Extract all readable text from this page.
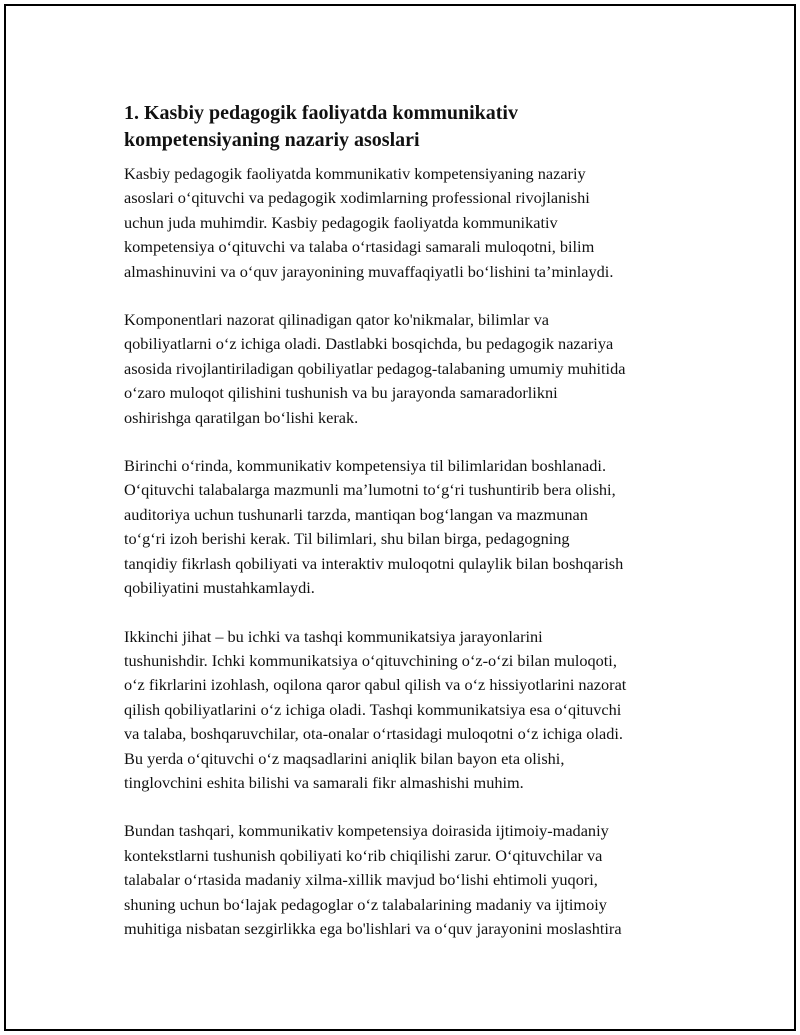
1. Kasbiy pedagogik faoliyatda kommunikativ
kompetensiyaning nazariy asoslari

Kasbiy pedagogik faoliyatda kommunikativ kompetensiyaning nazariy
asoslari o‘qituvchi va pedagogik xodimlarning professional rivojlanishi
uchun juda muhimdir. Kasbiy pedagogik faoliyatda kommunikativ
kompetensiya o‘qituvchi va talaba o‘rtasidagi samarali muloqotni, bilim
almashinuvini va o‘quv jarayonining muvaffaqiyatli bo‘lishini ta’minlaydi.

Komponentlari nazorat qilinadigan qator ko'nikmalar, bilimlar va
qobiliyatlarni o‘z ichiga oladi. Dastlabki bosqichda, bu pedagogik nazariya
asosida rivojlantiriladigan qobiliyatlar pedagog-talabaning umumiy muhitida
o‘zaro muloqot qilishini tushunish va bu jarayonda samaradorlikni
oshirishga qaratilgan bo‘lishi kerak.

Birinchi o‘rinda, kommunikativ kompetensiya til bilimlaridan boshlanadi.
O‘qituvchi talabalarga mazmunli ma’lumotni to‘g‘ri tushuntirib bera olishi,
auditoriya uchun tushunarli tarzda, mantiqan bog‘langan va mazmunan
to‘g‘ri izoh berishi kerak. Til bilimlari, shu bilan birga, pedagogning
tanqidiy fikrlash qobiliyati va interaktiv muloqotni qulaylik bilan boshqarish
qobiliyatini mustahkamlaydi.

Ikkinchi jihat – bu ichki va tashqi kommunikatsiya jarayonlarini
tushunishdir. Ichki kommunikatsiya o‘qituvchining o‘z-o‘zi bilan muloqoti,
o‘z fikrlarini izohlash, oqilona qaror qabul qilish va o‘z hissiyotlarini nazorat
qilish qobiliyatlarini o‘z ichiga oladi. Tashqi kommunikatsiya esa o‘qituvchi
va talaba, boshqaruvchilar, ota-onalar o‘rtasidagi muloqotni o‘z ichiga oladi.
Bu yerda o‘qituvchi o‘z maqsadlarini aniqlik bilan bayon eta olishi,
tinglovchini eshita bilishi va samarali fikr almashishi muhim.

Bundan tashqari, kommunikativ kompetensiya doirasida ijtimoiy-madaniy
kontekstlarni tushunish qobiliyati ko‘rib chiqilishi zarur. O‘qituvchilar va
talabalar o‘rtasida madaniy xilma-xillik mavjud bo‘lishi ehtimoli yuqori,
shuning uchun bo‘lajak pedagoglar o‘z talabalarining madaniy va ijtimoiy
muhitiga nisbatan sezgirlikka ega bo'lishlari va o‘quv jarayonini moslashtira
